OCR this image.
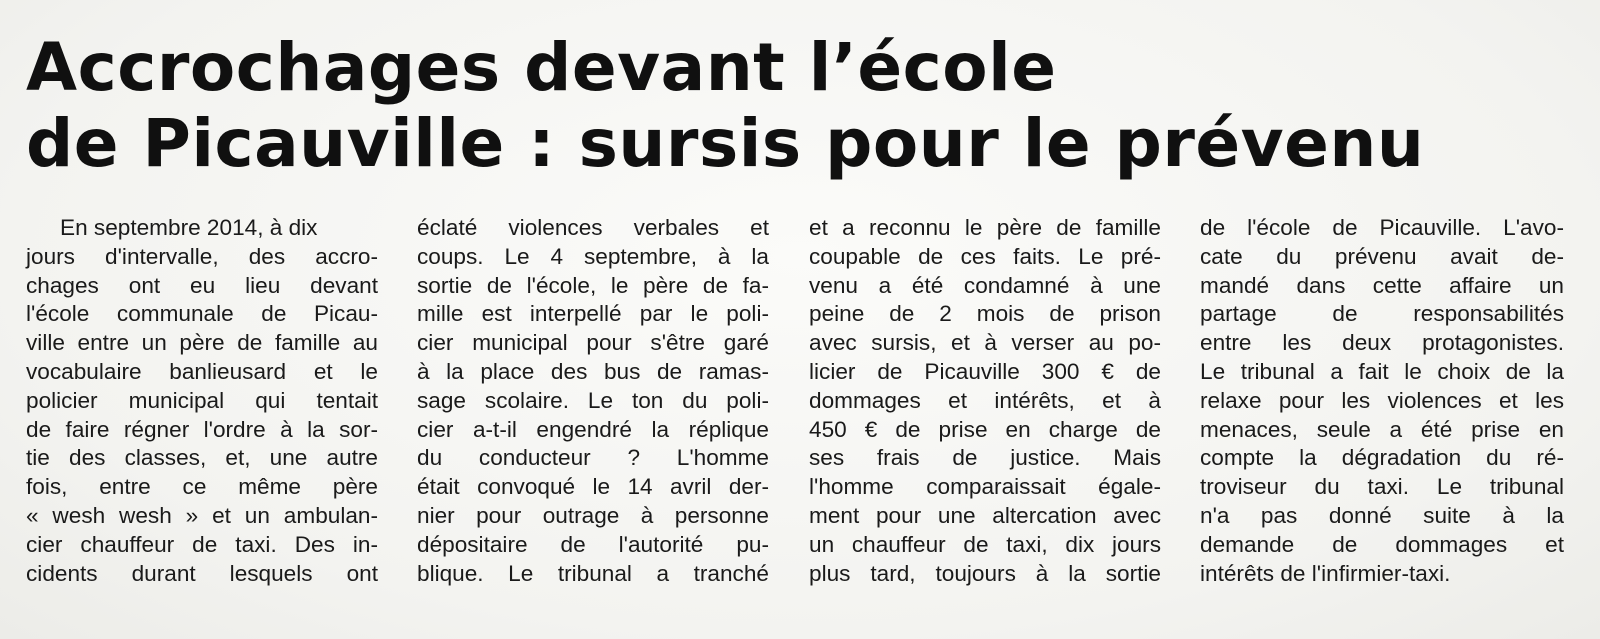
Accrochages devant l’école
de Picauville : sursis pour le prévenu
En septembre 2014, à dix
jours d'intervalle, des accro-
chages ont eu lieu devant
l'école communale de Picau-
ville entre un père de famille au
vocabulaire banlieusard et le
policier municipal qui tentait
de faire régner l'ordre à la sor-
tie des classes, et, une autre
fois, entre ce même père
« wesh wesh » et un ambulan-
cier chauffeur de taxi. Des in-
cidents durant lesquels ont
éclaté violences verbales et
coups. Le 4 septembre, à la
sortie de l'école, le père de fa-
mille est interpellé par le poli-
cier municipal pour s'être garé
à la place des bus de ramas-
sage scolaire. Le ton du poli-
cier a-t-il engendré la réplique
du conducteur ? L'homme
était convoqué le 14 avril der-
nier pour outrage à personne
dépositaire de l'autorité pu-
blique. Le tribunal a tranché
et a reconnu le père de famille
coupable de ces faits. Le pré-
venu a été condamné à une
peine de 2 mois de prison
avec sursis, et à verser au po-
licier de Picauville 300 € de
dommages et intérêts, et à
450 € de prise en charge de
ses frais de justice. Mais
l'homme comparaissait égale-
ment pour une altercation avec
un chauffeur de taxi, dix jours
plus tard, toujours à la sortie
de l'école de Picauville. L'avo-
cate du prévenu avait de-
mandé dans cette affaire un
partage de responsabilités
entre les deux protagonistes.
Le tribunal a fait le choix de la
relaxe pour les violences et les
menaces, seule a été prise en
compte la dégradation du ré-
troviseur du taxi. Le tribunal
n'a pas donné suite à la
demande de dommages et
intérêts de l'infirmier-taxi.
